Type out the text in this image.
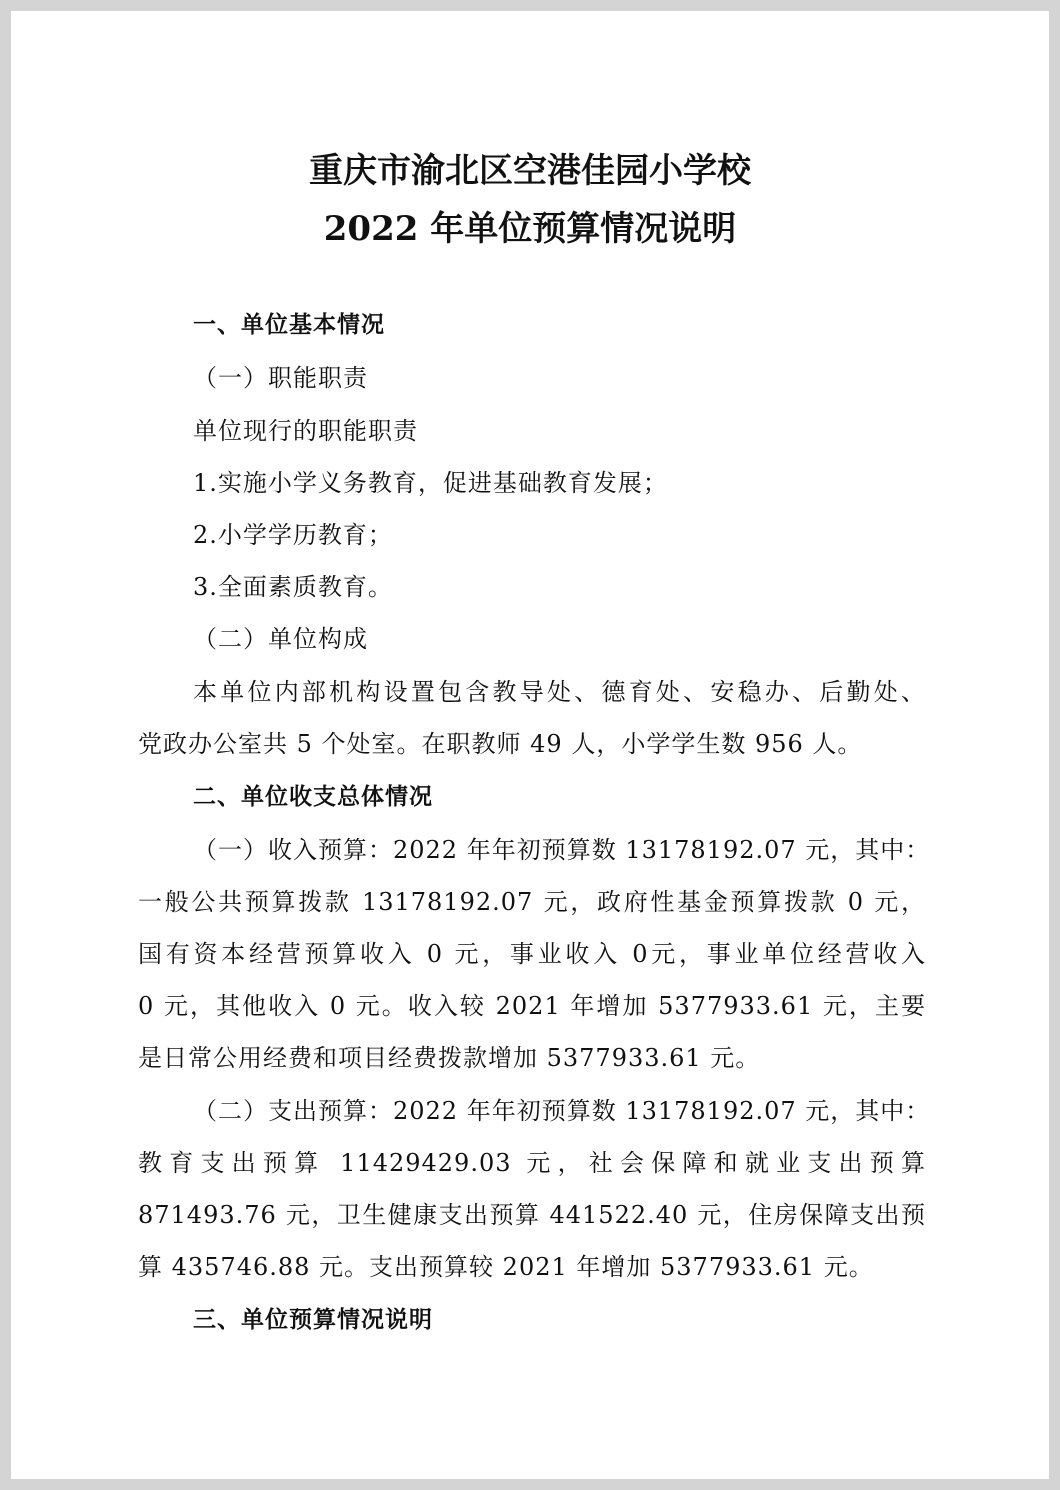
重庆市渝北区空港佳园小学校
2022 年单位预算情况说明

一、单位基本情况

（一）职能职责

单位现行的职能职责

1.实施小学义务教育，促进基础教育发展；

2.小学学历教育；

3.全面素质教育。

（二）单位构成

本单位内部机构设置包含教导处、德育处、安稳办、后勤处、

党政办公室共 5 个处室。在职教师 49 人，小学学生数 956 人。

二、单位收支总体情况

（一）收入预算：2022 年年初预算数 13178192.07 元，其中：

一般公共预算拨款 13178192.07 元，政府性基金预算拨款 0 元，

国有资本经营预算收入 0 元，事业收入 0元，事业单位经营收入

0 元，其他收入 0 元。收入较 2021 年增加 5377933.61 元，主要

是日常公用经费和项目经费拨款增加 5377933.61 元。

（二）支出预算：2022 年年初预算数 13178192.07 元，其中：

教育支出预算 11429429.03 元，社会保障和就业支出预算

871493.76 元，卫生健康支出预算 441522.40 元，住房保障支出预

算 435746.88 元。支出预算较 2021 年增加 5377933.61 元。

三、单位预算情况说明
